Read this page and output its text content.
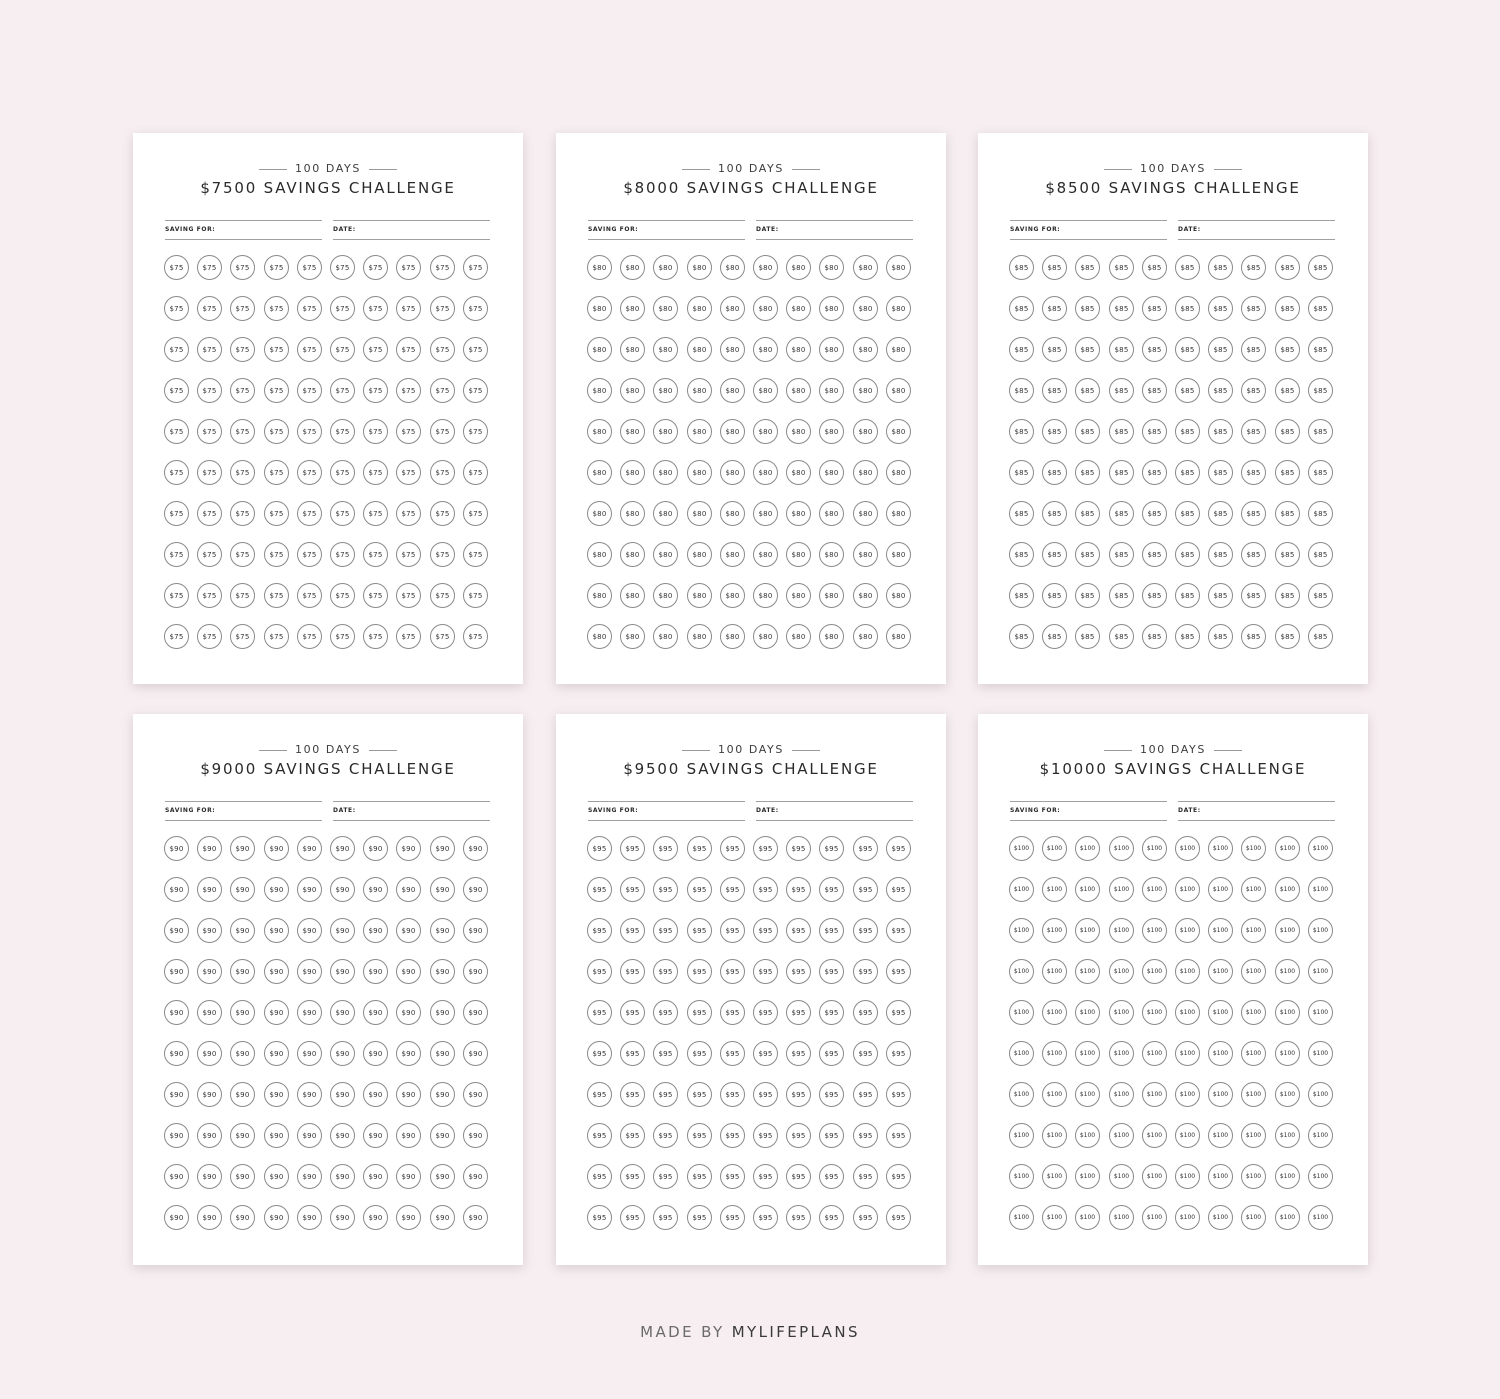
100 DAYS
$7500 SAVINGS CHALLENGE
SAVING FOR:	DATE:
$75	$75	$75	$75	$75	$75	$75	$75	$75	$75
$75	$75	$75	$75	$75	$75	$75	$75	$75	$75
$75	$75	$75	$75	$75	$75	$75	$75	$75	$75
$75	$75	$75	$75	$75	$75	$75	$75	$75	$75
$75	$75	$75	$75	$75	$75	$75	$75	$75	$75
$75	$75	$75	$75	$75	$75	$75	$75	$75	$75
$75	$75	$75	$75	$75	$75	$75	$75	$75	$75
$75	$75	$75	$75	$75	$75	$75	$75	$75	$75
$75	$75	$75	$75	$75	$75	$75	$75	$75	$75
$75	$75	$75	$75	$75	$75	$75	$75	$75	$75
100 DAYS
$8000 SAVINGS CHALLENGE
SAVING FOR:	DATE:
$80	$80	$80	$80	$80	$80	$80	$80	$80	$80
$80	$80	$80	$80	$80	$80	$80	$80	$80	$80
$80	$80	$80	$80	$80	$80	$80	$80	$80	$80
$80	$80	$80	$80	$80	$80	$80	$80	$80	$80
$80	$80	$80	$80	$80	$80	$80	$80	$80	$80
$80	$80	$80	$80	$80	$80	$80	$80	$80	$80
$80	$80	$80	$80	$80	$80	$80	$80	$80	$80
$80	$80	$80	$80	$80	$80	$80	$80	$80	$80
$80	$80	$80	$80	$80	$80	$80	$80	$80	$80
$80	$80	$80	$80	$80	$80	$80	$80	$80	$80
100 DAYS
$8500 SAVINGS CHALLENGE
SAVING FOR:	DATE:
$85	$85	$85	$85	$85	$85	$85	$85	$85	$85
$85	$85	$85	$85	$85	$85	$85	$85	$85	$85
$85	$85	$85	$85	$85	$85	$85	$85	$85	$85
$85	$85	$85	$85	$85	$85	$85	$85	$85	$85
$85	$85	$85	$85	$85	$85	$85	$85	$85	$85
$85	$85	$85	$85	$85	$85	$85	$85	$85	$85
$85	$85	$85	$85	$85	$85	$85	$85	$85	$85
$85	$85	$85	$85	$85	$85	$85	$85	$85	$85
$85	$85	$85	$85	$85	$85	$85	$85	$85	$85
$85	$85	$85	$85	$85	$85	$85	$85	$85	$85
100 DAYS
$9000 SAVINGS CHALLENGE
SAVING FOR:	DATE:
$90	$90	$90	$90	$90	$90	$90	$90	$90	$90
$90	$90	$90	$90	$90	$90	$90	$90	$90	$90
$90	$90	$90	$90	$90	$90	$90	$90	$90	$90
$90	$90	$90	$90	$90	$90	$90	$90	$90	$90
$90	$90	$90	$90	$90	$90	$90	$90	$90	$90
$90	$90	$90	$90	$90	$90	$90	$90	$90	$90
$90	$90	$90	$90	$90	$90	$90	$90	$90	$90
$90	$90	$90	$90	$90	$90	$90	$90	$90	$90
$90	$90	$90	$90	$90	$90	$90	$90	$90	$90
$90	$90	$90	$90	$90	$90	$90	$90	$90	$90
100 DAYS
$9500 SAVINGS CHALLENGE
SAVING FOR:	DATE:
$95	$95	$95	$95	$95	$95	$95	$95	$95	$95
$95	$95	$95	$95	$95	$95	$95	$95	$95	$95
$95	$95	$95	$95	$95	$95	$95	$95	$95	$95
$95	$95	$95	$95	$95	$95	$95	$95	$95	$95
$95	$95	$95	$95	$95	$95	$95	$95	$95	$95
$95	$95	$95	$95	$95	$95	$95	$95	$95	$95
$95	$95	$95	$95	$95	$95	$95	$95	$95	$95
$95	$95	$95	$95	$95	$95	$95	$95	$95	$95
$95	$95	$95	$95	$95	$95	$95	$95	$95	$95
$95	$95	$95	$95	$95	$95	$95	$95	$95	$95
100 DAYS
$10000 SAVINGS CHALLENGE
SAVING FOR:	DATE:
$100	$100	$100	$100	$100	$100	$100	$100	$100	$100
$100	$100	$100	$100	$100	$100	$100	$100	$100	$100
$100	$100	$100	$100	$100	$100	$100	$100	$100	$100
$100	$100	$100	$100	$100	$100	$100	$100	$100	$100
$100	$100	$100	$100	$100	$100	$100	$100	$100	$100
$100	$100	$100	$100	$100	$100	$100	$100	$100	$100
$100	$100	$100	$100	$100	$100	$100	$100	$100	$100
$100	$100	$100	$100	$100	$100	$100	$100	$100	$100
$100	$100	$100	$100	$100	$100	$100	$100	$100	$100
$100	$100	$100	$100	$100	$100	$100	$100	$100	$100
MADE BY MYLIFEPLANS
